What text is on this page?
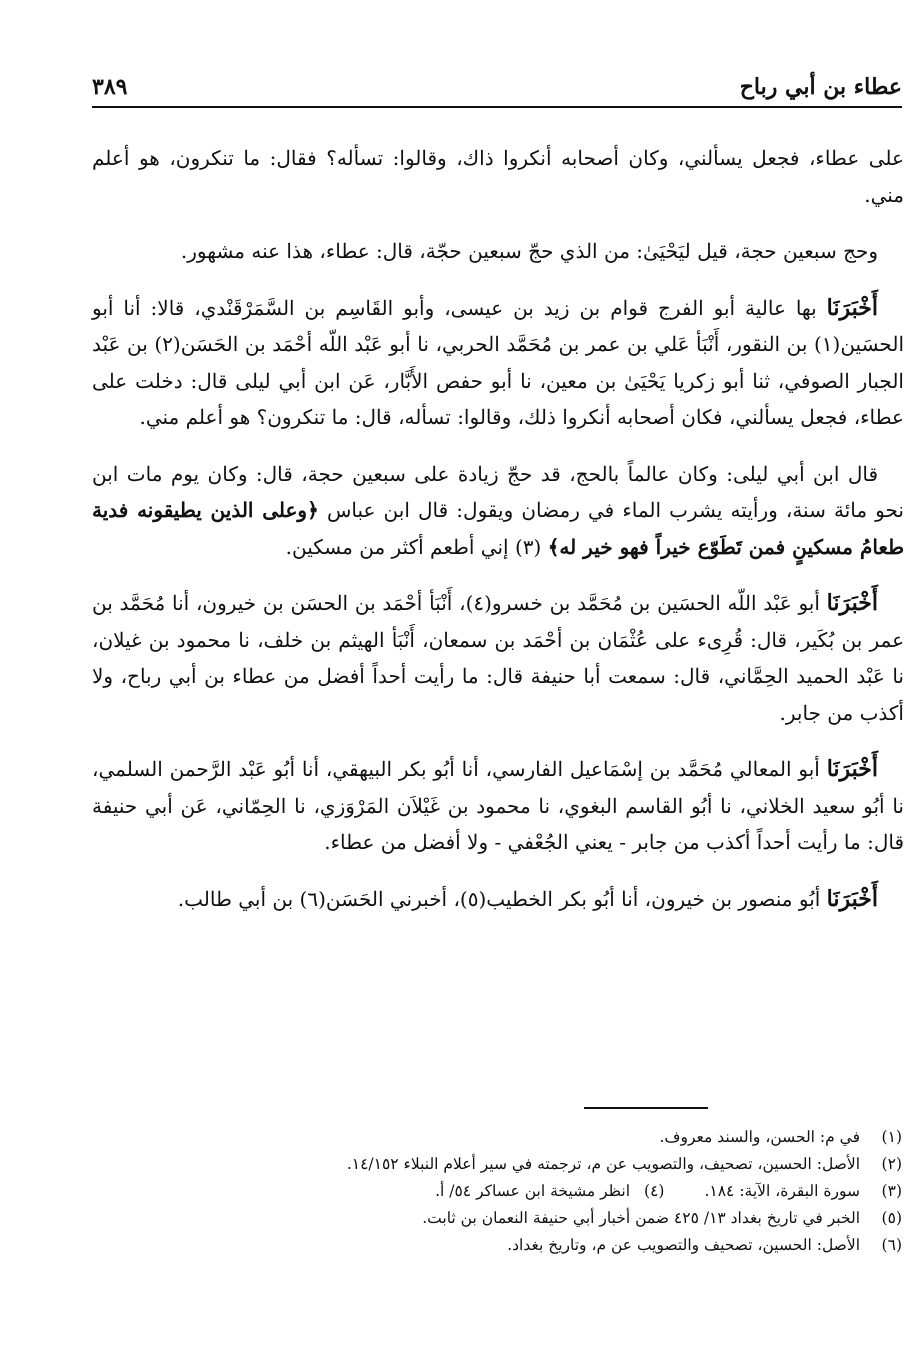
عطاء بن أبي رباح
٣٨٩

على عطاء، فجعل يسألني، وكان أصحابه أنكروا ذاك، وقالوا: تسأله؟ فقال: ما تنكرون، هو أعلم مني.

وحج سبعين حجة، قيل ليَحْيَىٰ: من الذي حجّ سبعين حجّة، قال: عطاء، هذا عنه مشهور.

أَخْبَرَنَا بها عالية أبو الفرج قوام بن زيد بن عيسى، وأبو القَاسِم بن السَّمَرْقَنْدي، قالا: أنا أبو الحسَين(١) بن النقور، أَنْبَأ عَلي بن عمر بن مُحَمَّد الحربي، نا أبو عَبْد اللّه أحْمَد بن الحَسَن(٢) بن عَبْد الجبار الصوفي، ثنا أبو زكريا يَحْيَىٰ بن معين، نا أبو حفص الأَبَّار، عَن ابن أبي ليلى قال: دخلت على عطاء، فجعل يسألني، فكان أصحابه أنكروا ذلك، وقالوا: تسأله، قال: ما تنكرون؟ هو أعلم مني.

قال ابن أبي ليلى: وكان عالماً بالحج، قد حجّ زيادة على سبعين حجة، قال: وكان يوم مات ابن نحو مائة سنة، ورأيته يشرب الماء في رمضان ويقول: قال ابن عباس ﴿وعلى الذين يطيقونه فدية طعامُ مسكينٍ فمن تَطَوّع خيراً فهو خير له﴾ (٣) إني أطعم أكثر من مسكين.

أَخْبَرَنَا أبو عَبْد اللّه الحسَين بن مُحَمَّد بن خسرو(٤)، أَنْبَأ أحْمَد بن الحسَن بن خيرون، أنا مُحَمَّد بن عمر بن بُكَير، قال: قُرِىء على عُثْمَان بن أحْمَد بن سمعان، أَنْبَأ الهيثم بن خلف، نا محمود بن غيلان، نا عَبْد الحميد الحِمَّاني، قال: سمعت أبا حنيفة قال: ما رأيت أحداً أفضل من عطاء بن أبي رباح، ولا أكذب من جابر.

أَخْبَرَنَا أبو المعالي مُحَمَّد بن إسْمَاعيل الفارسي، أنا أبُو بكر البيهقي، أنا أبُو عَبْد الرَّحمن السلمي، نا أبُو سعيد الخلاني، نا أبُو القاسم البغوي، نا محمود بن غَيْلاَن المَرْوَزي، نا الحِمّاني، عَن أبي حنيفة قال: ما رأيت أحداً أكذب من جابر - يعني الجُعْفي - ولا أفضل من عطاء.

أَخْبَرَنَا أبُو منصور بن خيرون، أنا أبُو بكر الخطيب(٥)، أخبرني الحَسَن(٦) بن أبي طالب.

(١)
في م: الحسن، والسند معروف.
(٢)
الأصل: الحسين، تصحيف، والتصويب عن م، ترجمته في سير أعلام النبلاء ١٤/١٥٢.
(٣)
سورة البقرة، الآية: ١٨٤.(٤)انظر مشيخة ابن عساكر ٥٤/ أ.
(٥)
الخبر في تاريخ بغداد ١٣/ ٤٢٥ ضمن أخبار أبي حنيفة النعمان بن ثابت.
(٦)
الأصل: الحسين، تصحيف والتصويب عن م، وتاريخ بغداد.
